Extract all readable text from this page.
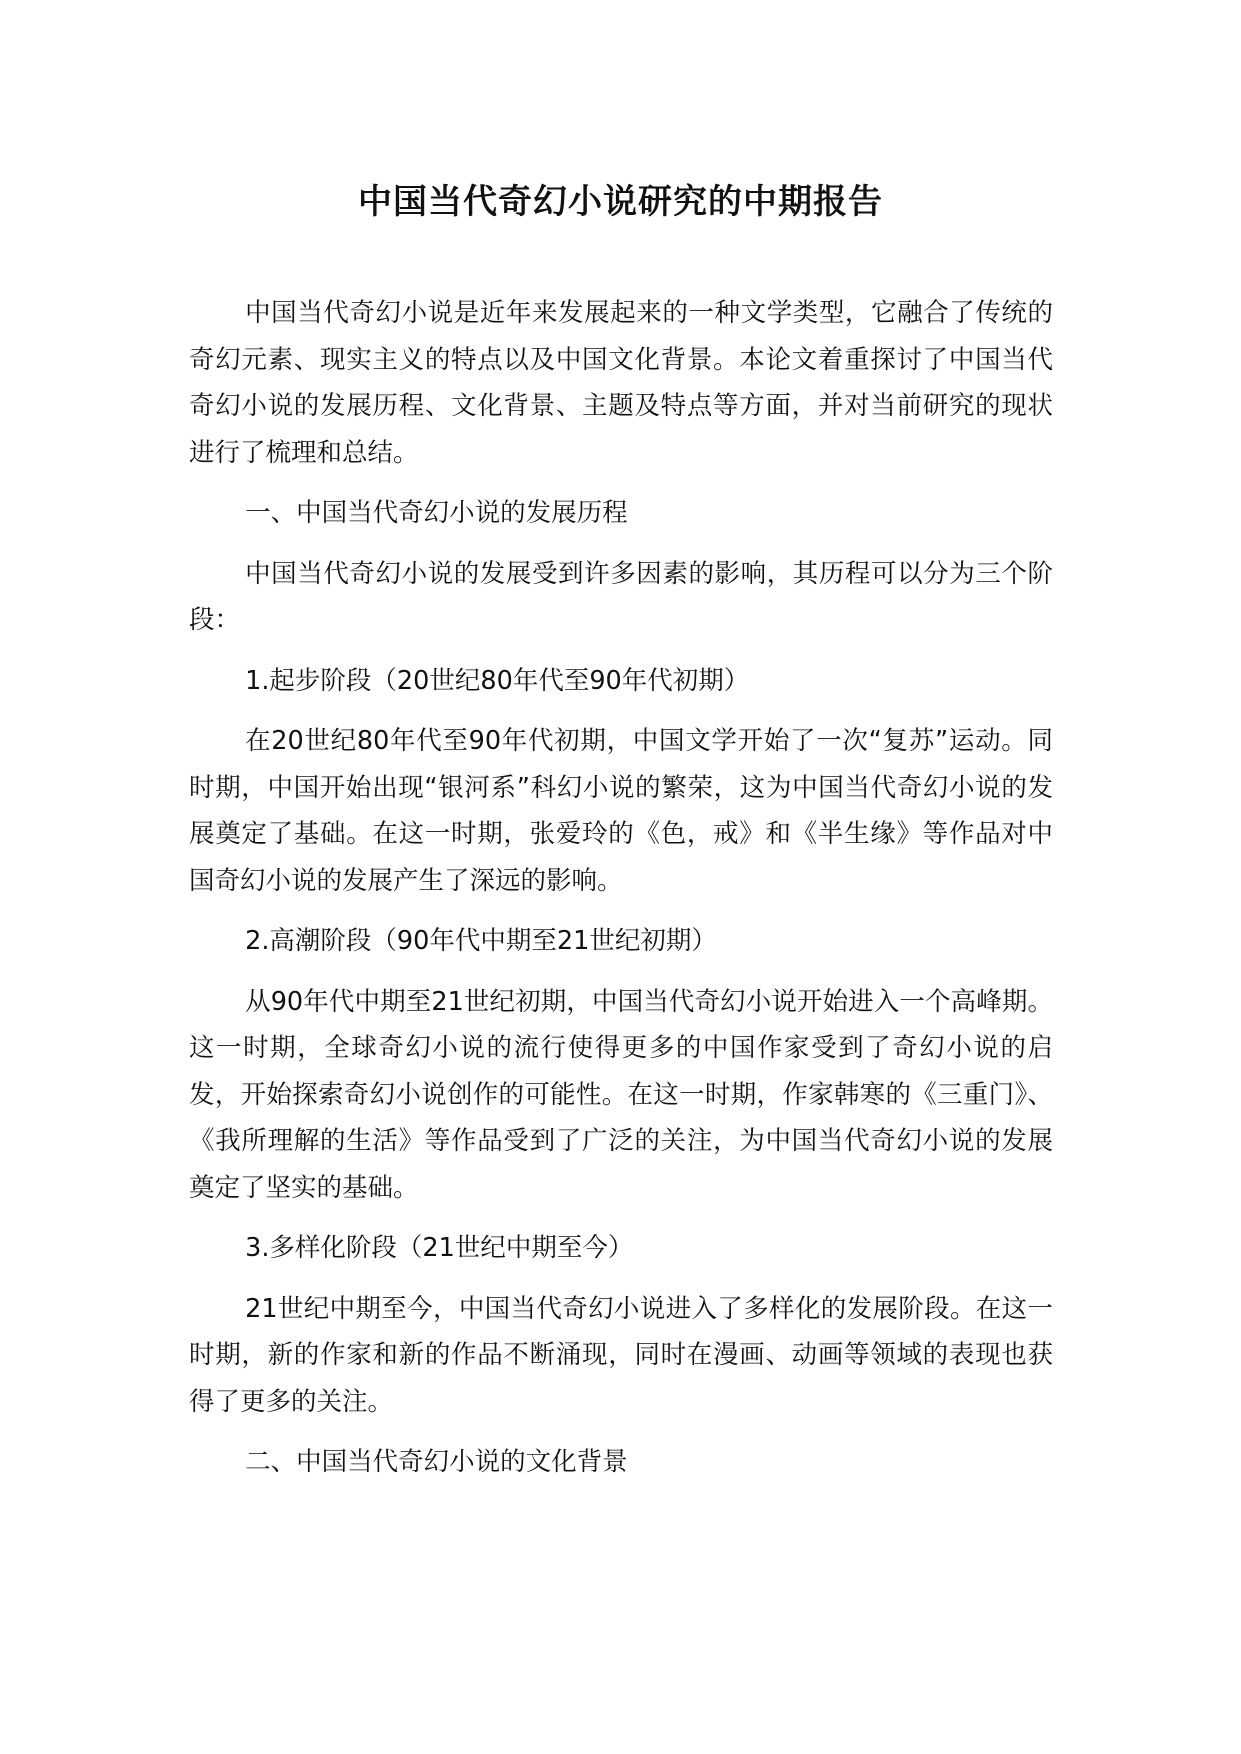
中国当代奇幻小说研究的中期报告

中国当代奇幻小说是近年来发展起来的一种文学类型，它融合了传统的奇幻元素、现实主义的特点以及中国文化背景。本论文着重探讨了中国当代奇幻小说的发展历程、文化背景、主题及特点等方面，并对当前研究的现状进行了梳理和总结。

一、中国当代奇幻小说的发展历程

中国当代奇幻小说的发展受到许多因素的影响，其历程可以分为三个阶段：

1.起步阶段（20世纪80年代至90年代初期）

在20世纪80年代至90年代初期，中国文学开始了一次“复苏”运动。同时期，中国开始出现“银河系”科幻小说的繁荣，这为中国当代奇幻小说的发展奠定了基础。在这一时期，张爱玲的《色，戒》和《半生缘》等作品对中国奇幻小说的发展产生了深远的影响。

2.高潮阶段（90年代中期至21世纪初期）

从90年代中期至21世纪初期，中国当代奇幻小说开始进入一个高峰期。这一时期，全球奇幻小说的流行使得更多的中国作家受到了奇幻小说的启发，开始探索奇幻小说创作的可能性。在这一时期，作家韩寒的《三重门》、《我所理解的生活》等作品受到了广泛的关注，为中国当代奇幻小说的发展奠定了坚实的基础。

3.多样化阶段（21世纪中期至今）

21世纪中期至今，中国当代奇幻小说进入了多样化的发展阶段。在这一时期，新的作家和新的作品不断涌现，同时在漫画、动画等领域的表现也获得了更多的关注。

二、中国当代奇幻小说的文化背景
